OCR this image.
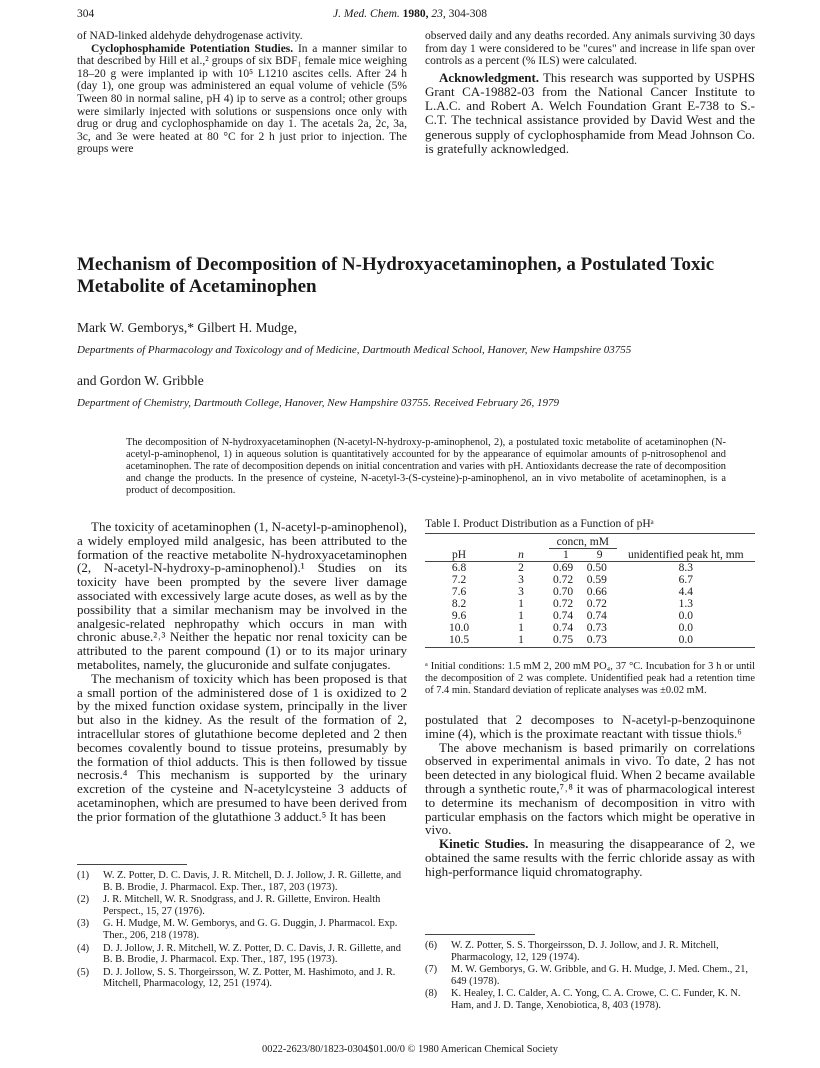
304	J. Med. Chem. 1980, 23, 304-308

of NAD-linked aldehyde dehydrogenase activity.

Cyclophosphamide Potentiation Studies. In a manner similar to that described by Hill et al.,² groups of six BDF₁ female mice weighing 18–20 g were implanted ip with 10⁵ L1210 ascites cells. After 24 h (day 1), one group was administered an equal volume of vehicle (5% Tween 80 in normal saline, pH 4) ip to serve as a control; other groups were similarly injected with solutions or suspensions once only with drug or drug and cyclophosphamide on day 1. The acetals 2a, 2c, 3a, 3c, and 3e were heated at 80 °C for 2 h just prior to injection. The groups were

observed daily and any deaths recorded. Any animals surviving 30 days from day 1 were considered to be "cures" and increase in life span over controls as a percent (% ILS) were calculated.

Acknowledgment. This research was supported by USPHS Grant CA-19882-03 from the National Cancer Institute to L.A.C. and Robert A. Welch Foundation Grant E-738 to S.-C.T. The technical assistance provided by David West and the generous supply of cyclophosphamide from Mead Johnson Co. is gratefully acknowledged.

Mechanism of Decomposition of N-Hydroxyacetaminophen, a Postulated Toxic
Metabolite of Acetaminophen
Mark W. Gemborys,* Gilbert H. Mudge,
Departments of Pharmacology and Toxicology and of Medicine, Dartmouth Medical School, Hanover, New Hampshire 03755
and Gordon W. Gribble
Department of Chemistry, Dartmouth College, Hanover, New Hampshire 03755. Received February 26, 1979
The decomposition of N-hydroxyacetaminophen (N-acetyl-N-hydroxy-p-aminophenol, 2), a postulated toxic metabolite of acetaminophen (N-acetyl-p-aminophenol, 1) in aqueous solution is quantitatively accounted for by the appearance of equimolar amounts of p-nitrosophenol and acetaminophen. The rate of decomposition depends on initial concentration and varies with pH. Antioxidants decrease the rate of decomposition and change the products. In the presence of cysteine, N-acetyl-3-(S-cysteine)-p-aminophenol, an in vivo metabolite of acetaminophen, is a product of decomposition.

The toxicity of acetaminophen (1, N-acetyl-p-aminophenol), a widely employed mild analgesic, has been attributed to the formation of the reactive metabolite N-hydroxyacetaminophen (2, N-acetyl-N-hydroxy-p-aminophenol).¹ Studies on its toxicity have been prompted by the severe liver damage associated with excessively large acute doses, as well as by the possibility that a similar mechanism may be involved in the analgesic-related nephropathy which occurs in man with chronic abuse.²˒³ Neither the hepatic nor renal toxicity can be attributed to the parent compound (1) or to its major urinary metabolites, namely, the glucuronide and sulfate conjugates.

The mechanism of toxicity which has been proposed is that a small portion of the administered dose of 1 is oxidized to 2 by the mixed function oxidase system, principally in the liver but also in the kidney. As the result of the formation of 2, intracellular stores of glutathione become depleted and 2 then becomes covalently bound to tissue proteins, presumably by the formation of thiol adducts. This is then followed by tissue necrosis.⁴ This mechanism is supported by the urinary excretion of the cysteine and N-acetylcysteine 3 adducts of acetaminophen, which are presumed to have been derived from the prior formation of the glutathione 3 adduct.⁵ It has been

(1)	W. Z. Potter, D. C. Davis, J. R. Mitchell, D. J. Jollow, J. R. Gillette, and B. B. Brodie, J. Pharmacol. Exp. Ther., 187, 203 (1973).
(2)	J. R. Mitchell, W. R. Snodgrass, and J. R. Gillette, Environ. Health Perspect., 15, 27 (1976).
(3)	G. H. Mudge, M. W. Gemborys, and G. G. Duggin, J. Pharmacol. Exp. Ther., 206, 218 (1978).
(4)	D. J. Jollow, J. R. Mitchell, W. Z. Potter, D. C. Davis, J. R. Gillette, and B. B. Brodie, J. Pharmacol. Exp. Ther., 187, 195 (1973).
(5)	D. J. Jollow, S. S. Thorgeirsson, W. Z. Potter, M. Hashimoto, and J. R. Mitchell, Pharmacology, 12, 251 (1974).
Table I. Product Distribution as a Function of pHᵃ
		concn, mM		unidentified peak ht, mm
pH	n	1	9	
6.8	2	0.69	0.50	8.3
7.2	3	0.72	0.59	6.7
7.6	3	0.70	0.66	4.4
8.2	1	0.72	0.72	1.3
9.6	1	0.74	0.74	0.0
10.0	1	0.74	0.73	0.0
10.5	1	0.75	0.73	0.0
ᵃ Initial conditions: 1.5 mM 2, 200 mM PO₄, 37 °C. Incubation for 3 h or until the decomposition of 2 was complete. Unidentified peak had a retention time of 7.4 min. Standard deviation of replicate analyses was ±0.02 mM.

postulated that 2 decomposes to N-acetyl-p-benzoquinone imine (4), which is the proximate reactant with tissue thiols.⁶

The above mechanism is based primarily on correlations observed in experimental animals in vivo. To date, 2 has not been detected in any biological fluid. When 2 became available through a synthetic route,⁷˒⁸ it was of pharmacological interest to determine its mechanism of decomposition in vitro with particular emphasis on the factors which might be operative in vivo.

Kinetic Studies. In measuring the disappearance of 2, we obtained the same results with the ferric chloride assay as with high-performance liquid chromatography.

(6)	W. Z. Potter, S. S. Thorgeirsson, D. J. Jollow, and J. R. Mitchell, Pharmacology, 12, 129 (1974).
(7)	M. W. Gemborys, G. W. Gribble, and G. H. Mudge, J. Med. Chem., 21, 649 (1978).
(8)	K. Healey, I. C. Calder, A. C. Yong, C. A. Crowe, C. C. Funder, K. N. Ham, and J. D. Tange, Xenobiotica, 8, 403 (1978).
0022-2623/80/1823-0304$01.00/0 © 1980 American Chemical Society
